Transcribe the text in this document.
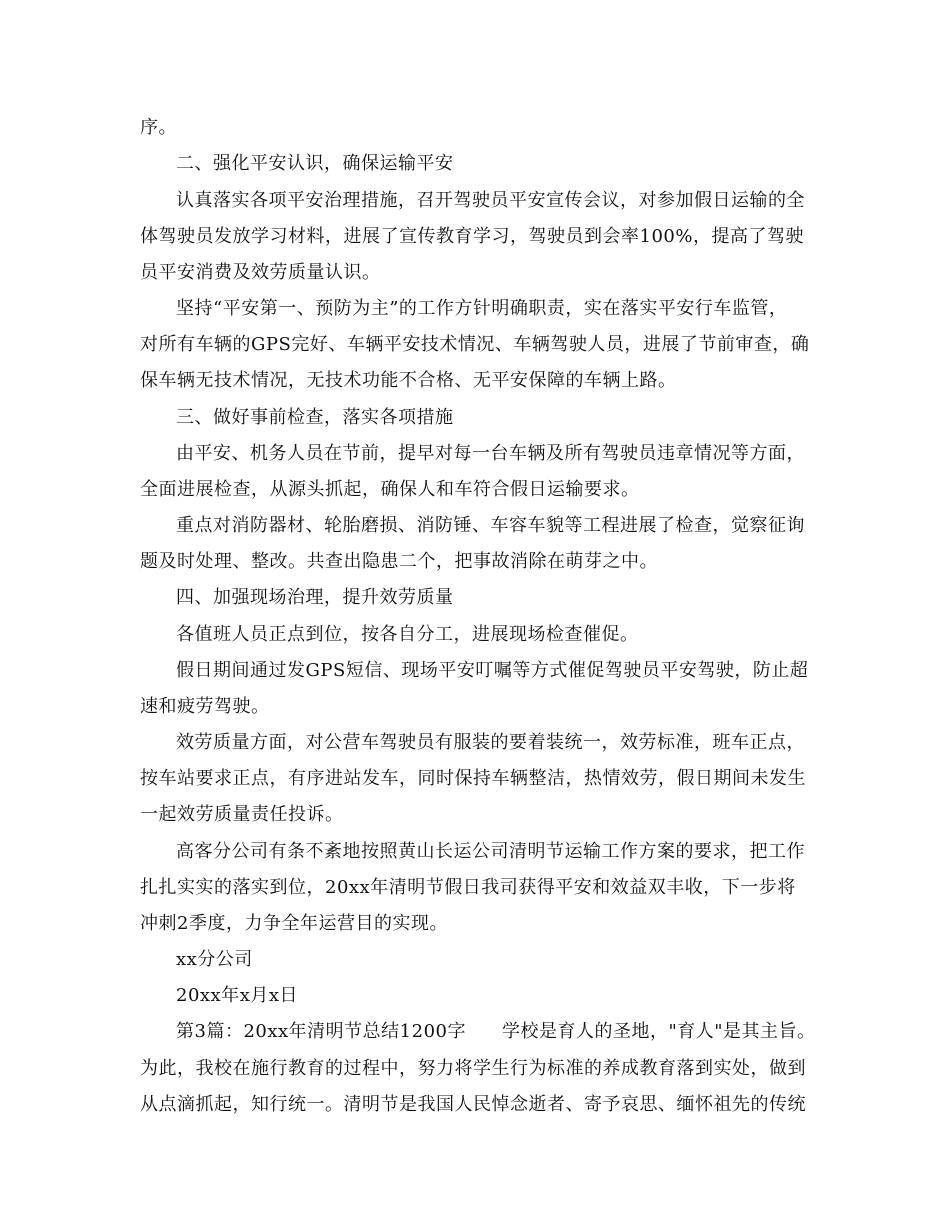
序。
二、强化平安认识，确保运输平安
认真落实各项平安治理措施，召开驾驶员平安宣传会议，对参加假日运输的全
体驾驶员发放学习材料，进展了宣传教育学习，驾驶员到会率100%，提高了驾驶
员平安消费及效劳质量认识。
坚持“平安第一、预防为主”的工作方针明确职责，实在落实平安行车监管，
对所有车辆的GPS完好、车辆平安技术情况、车辆驾驶人员，进展了节前审查，确
保车辆无技术情况，无技术功能不合格、无平安保障的车辆上路。
三、做好事前检查，落实各项措施
由平安、机务人员在节前，提早对每一台车辆及所有驾驶员违章情况等方面，
全面进展检查，从源头抓起，确保人和车符合假日运输要求。
重点对消防器材、轮胎磨损、消防锤、车容车貌等工程进展了检查，觉察征询
题及时处理、整改。共查出隐患二个，把事故消除在萌芽之中。
四、加强现场治理，提升效劳质量
各值班人员正点到位，按各自分工，进展现场检查催促。
假日期间通过发GPS短信、现场平安叮嘱等方式催促驾驶员平安驾驶，防止超
速和疲劳驾驶。
效劳质量方面，对公营车驾驶员有服装的要着装统一，效劳标准，班车正点，
按车站要求正点，有序进站发车，同时保持车辆整洁，热情效劳，假日期间未发生
一起效劳质量责任投诉。
高客分公司有条不紊地按照黄山长运公司清明节运输工作方案的要求，把工作
扎扎实实的落实到位，20xx年清明节假日我司获得平安和效益双丰收，下一步将
冲刺2季度，力争全年运营目的实现。
xx分公司
20xx年x月x日
第3篇：20xx年清明节总结1200字 学校是育人的圣地，"育人"是其主旨。
为此，我校在施行教育的过程中，努力将学生行为标准的养成教育落到实处，做到
从点滴抓起，知行统一。清明节是我国人民悼念逝者、寄予哀思、缅怀祖先的传统
